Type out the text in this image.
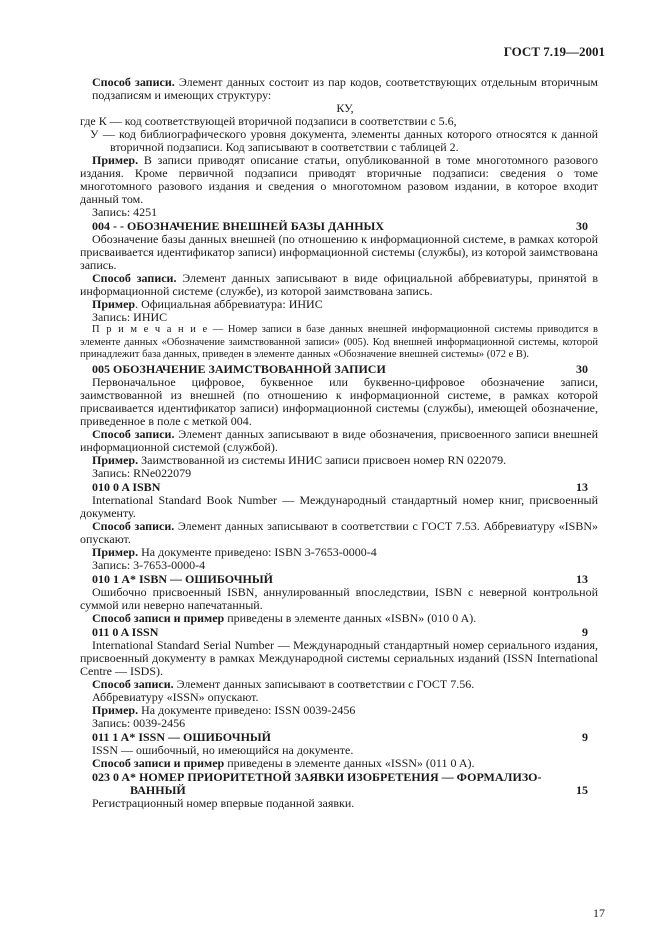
ГОСТ 7.19—2001

Способ записи. Элемент данных состоит из пар кодов, соответствующих отдельным вторичным подзаписям и имеющих структуру:

КУ,

где К — код соответствующей вторичной подзаписи в соответствии с 5.6,

У — код библиографического уровня документа, элементы данных которого относятся к данной вторичной подзаписи. Код записывают в соответствии с таблицей 2.

Пример. В записи приводят описание статьи, опубликованной в томе многотомного разового издания. Кроме первичной подзаписи приводят вторичные подзаписи: сведения о томе многотомного разового издания и сведения о многотомном разовом издании, в которое входит данный том.

Запись: 4251

004 - - ОБОЗНАЧЕНИЕ ВНЕШНЕЙ БАЗЫ ДАННЫХ	30

Обозначение базы данных внешней (по отношению к информационной системе, в рамках которой присваивается идентификатор записи) информационной системы (службы), из которой заимствована запись.

Способ записи. Элемент данных записывают в виде официальной аббревиатуры, принятой в информационной системе (службе), из которой заимствована запись.

Пример. Официальная аббревиатура: ИНИС

Запись: ИНИС

П р и м е ч а н и е — Номер записи в базе данных внешней информационной системы приводится в элементе данных «Обозначение заимствованной записи» (005). Код внешней информационной системы, которой принадлежит база данных, приведен в элементе данных «Обозначение внешней системы» (072 е В).

005 ОБОЗНАЧЕНИЕ ЗАИМСТВОВАННОЙ ЗАПИСИ	30

Первоначальное цифровое, буквенное или буквенно-цифровое обозначение записи, заимствованной из внешней (по отношению к информационной системе, в рамках которой присваивается идентификатор записи) информационной системы (службы), имеющей обозначение, приведенное в поле с меткой 004.

Способ записи. Элемент данных записывают в виде обозначения, присвоенного записи внешней информационной системой (службой).

Пример. Заимствованной из системы ИНИС записи присвоен номер RN 022079.

Запись: RNе022079

010 0 A ISBN	13

International Standard Book Number — Международный стандартный номер книг, присвоенный документу.

Способ записи. Элемент данных записывают в соответствии с ГОСТ 7.53. Аббревиатуру «ISBN» опускают.

Пример. На документе приведено: ISBN 3-7653-0000-4

Запись: 3-7653-0000-4

010 1 A* ISBN — ОШИБОЧНЫЙ	13

Ошибочно присвоенный ISBN, аннулированный впоследствии, ISBN с неверной контрольной суммой или неверно напечатанный.

Способ записи и пример приведены в элементе данных «ISBN» (010 0 A).

011 0 A ISSN	9

International Standard Serial Number — Международный стандартный номер сериального издания, присвоенный документу в рамках Международной системы сериальных изданий (ISSN International Centre — ISDS).

Способ записи. Элемент данных записывают в соответствии с ГОСТ 7.56.

Аббревиатуру «ISSN» опускают.

Пример. На документе приведено: ISSN 0039-2456

Запись: 0039-2456

011 1 A* ISSN — ОШИБОЧНЫЙ	9

ISSN — ошибочный, но имеющийся на документе.

Способ записи и пример приведены в элементе данных «ISSN» (011 0 A).

023 0 A* НОМЕР ПРИОРИТЕТНОЙ ЗАЯВКИ ИЗОБРЕТЕНИЯ — ФОРМАЛИЗО-
ВАННЫЙ	15

Регистрационный номер впервые поданной заявки.

17
